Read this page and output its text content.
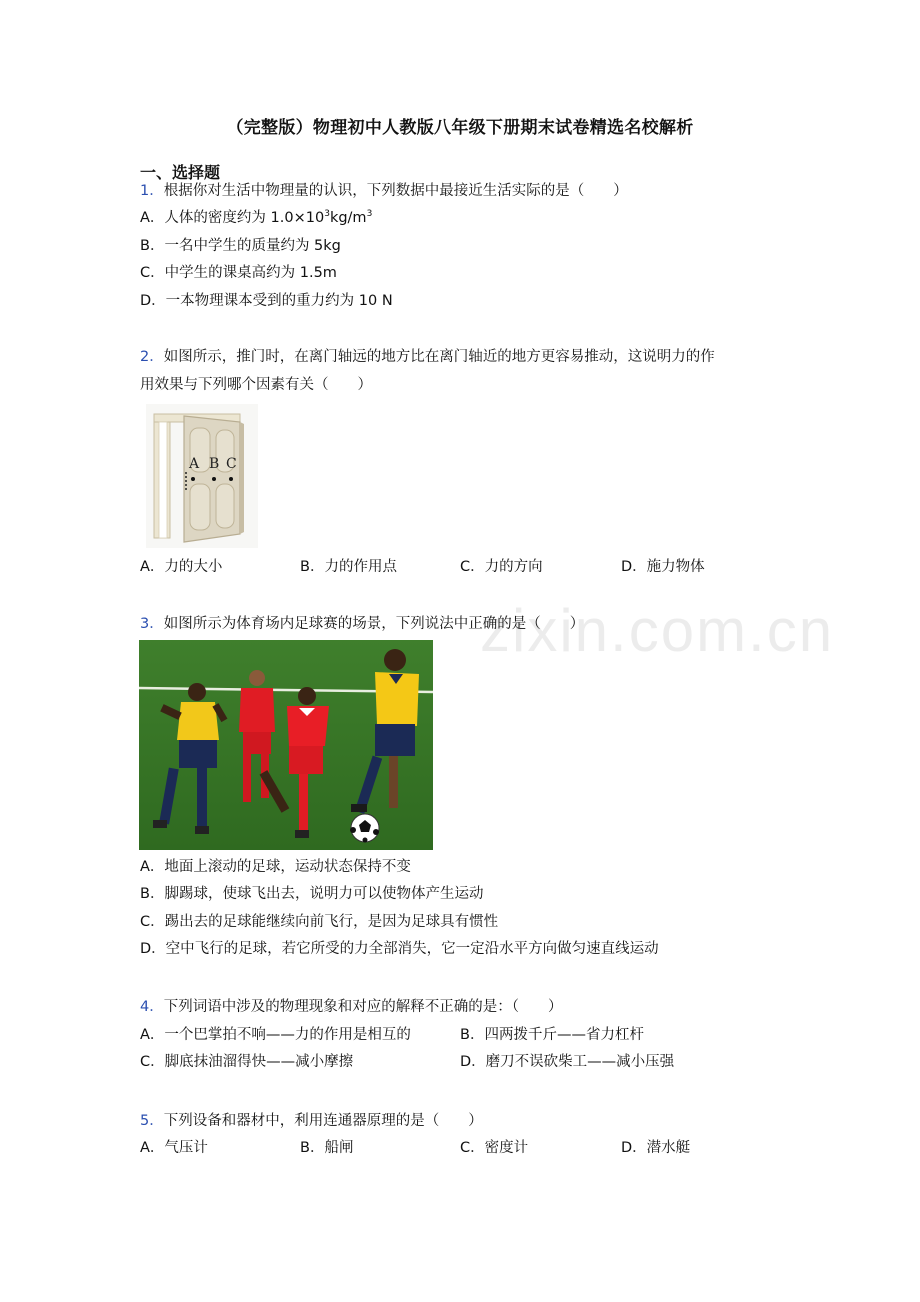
zixin.com.cn
（完整版）物理初中人教版八年级下册期末试卷精选名校解析
一、选择题
1．根据你对生活中物理量的认识，下列数据中最接近生活实际的是（　　）
A．人体的密度约为 $1.0\times 10^3kg/m^3$
B．一名中学生的质量约为 5kg
C．中学生的课桌高约为 1.5m
D．一本物理课本受到的重力约为 10 N
2．如图所示，推门时，在离门轴远的地方比在离门轴近的地方更容易推动，这说明力的作
用效果与下列哪个因素有关（　　）
A B C
A．力的大小	B．力的作用点	C．力的方向	D．施力物体
3．如图所示为体育场内足球赛的场景，下列说法中正确的是（　　）
A．地面上滚动的足球，运动状态保持不变
B．脚踢球，使球飞出去，说明力可以使物体产生运动
C．踢出去的足球能继续向前飞行，是因为足球具有惯性
D．空中飞行的足球，若它所受的力全部消失，它一定沿水平方向做匀速直线运动
4．下列词语中涉及的物理现象和对应的解释不正确的是：（　　）
A．一个巴掌拍不响——力的作用是相互的	B．四两拨千斤——省力杠杆
C．脚底抹油溜得快——减小摩擦	D．磨刀不误砍柴工——减小压强
5．下列设备和器材中，利用连通器原理的是（　　）
A．气压计	B．船闸	C．密度计	D．潜水艇
